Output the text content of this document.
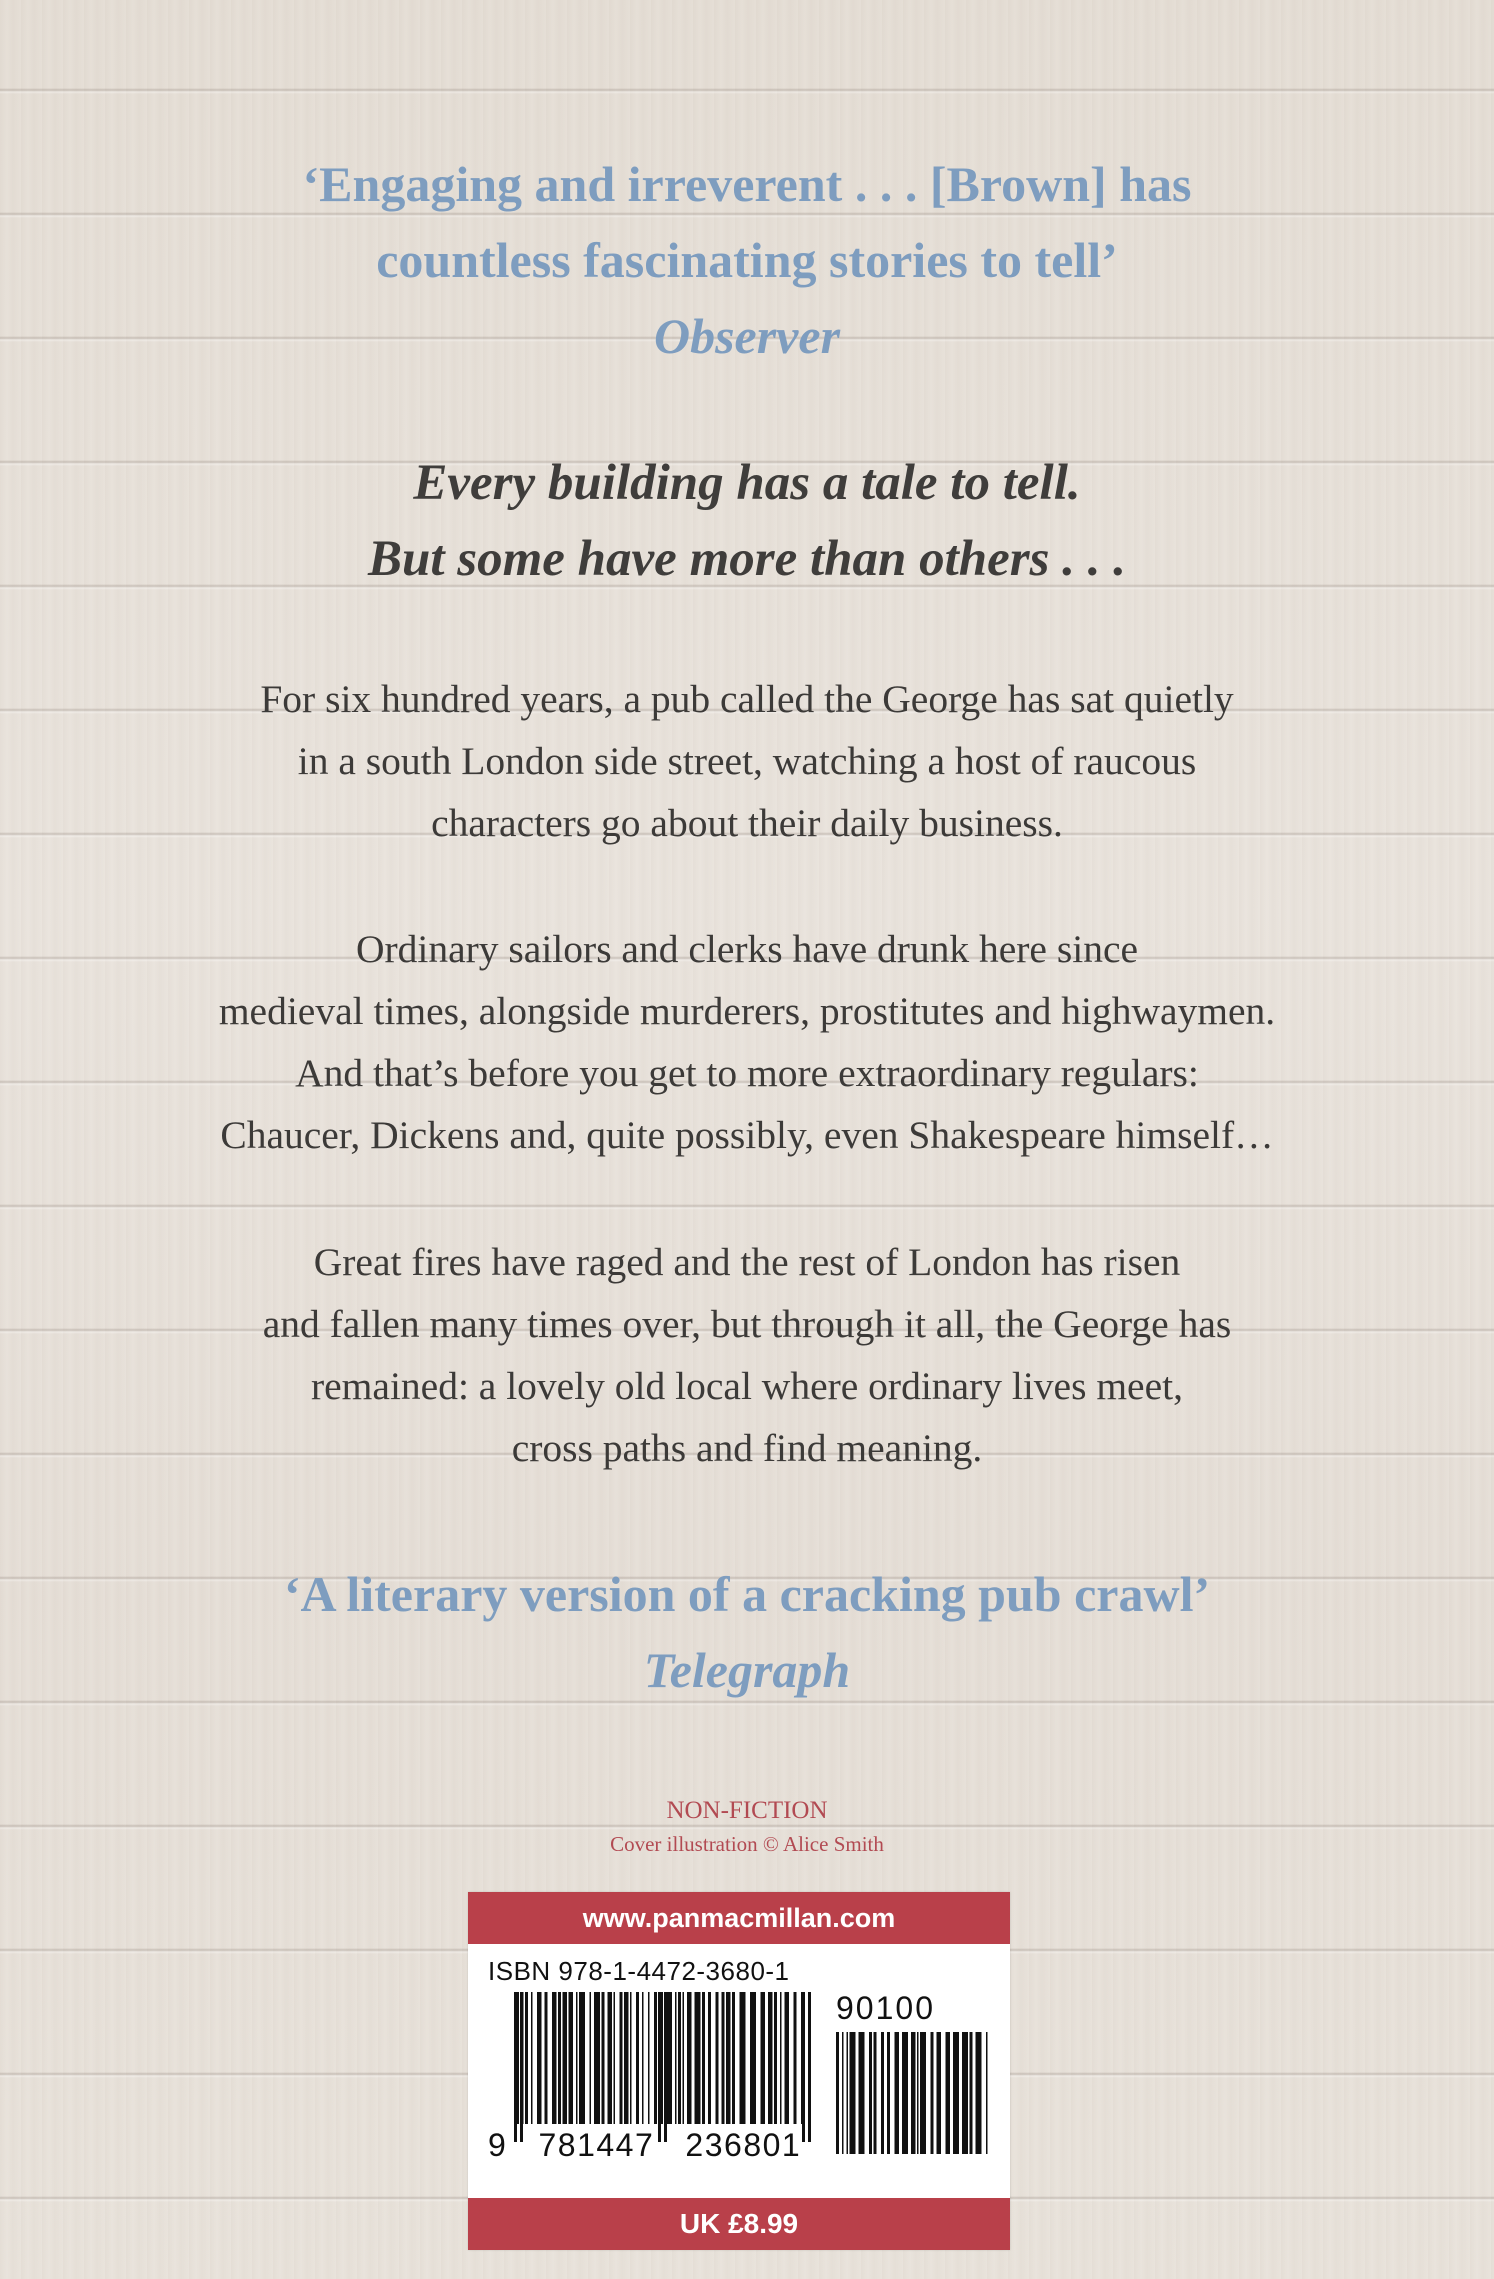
‘Engaging and irreverent . . . [Brown] has
countless fascinating stories to tell’
Observer
Every building has a tale to tell.
But some have more than others . . .
For six hundred years, a pub called the George has sat quietly
in a south London side street, watching a host of raucous
characters go about their daily business.
Ordinary sailors and clerks have drunk here since
medieval times, alongside murderers, prostitutes and highwaymen.
And that’s before you get to more extraordinary regulars:
Chaucer, Dickens and, quite possibly, even Shakespeare himself…
Great fires have raged and the rest of London has risen
and fallen many times over, but through it all, the George has
remained: a lovely old local where ordinary lives meet,
cross paths and find meaning.
‘A literary version of a cracking pub crawl’
Telegraph
NON-FICTION
Cover illustration © Alice Smith
www.panmacmillan.com
ISBN 978-1-4472-3680-1
90100
9   781447   236801
UK £8.99
